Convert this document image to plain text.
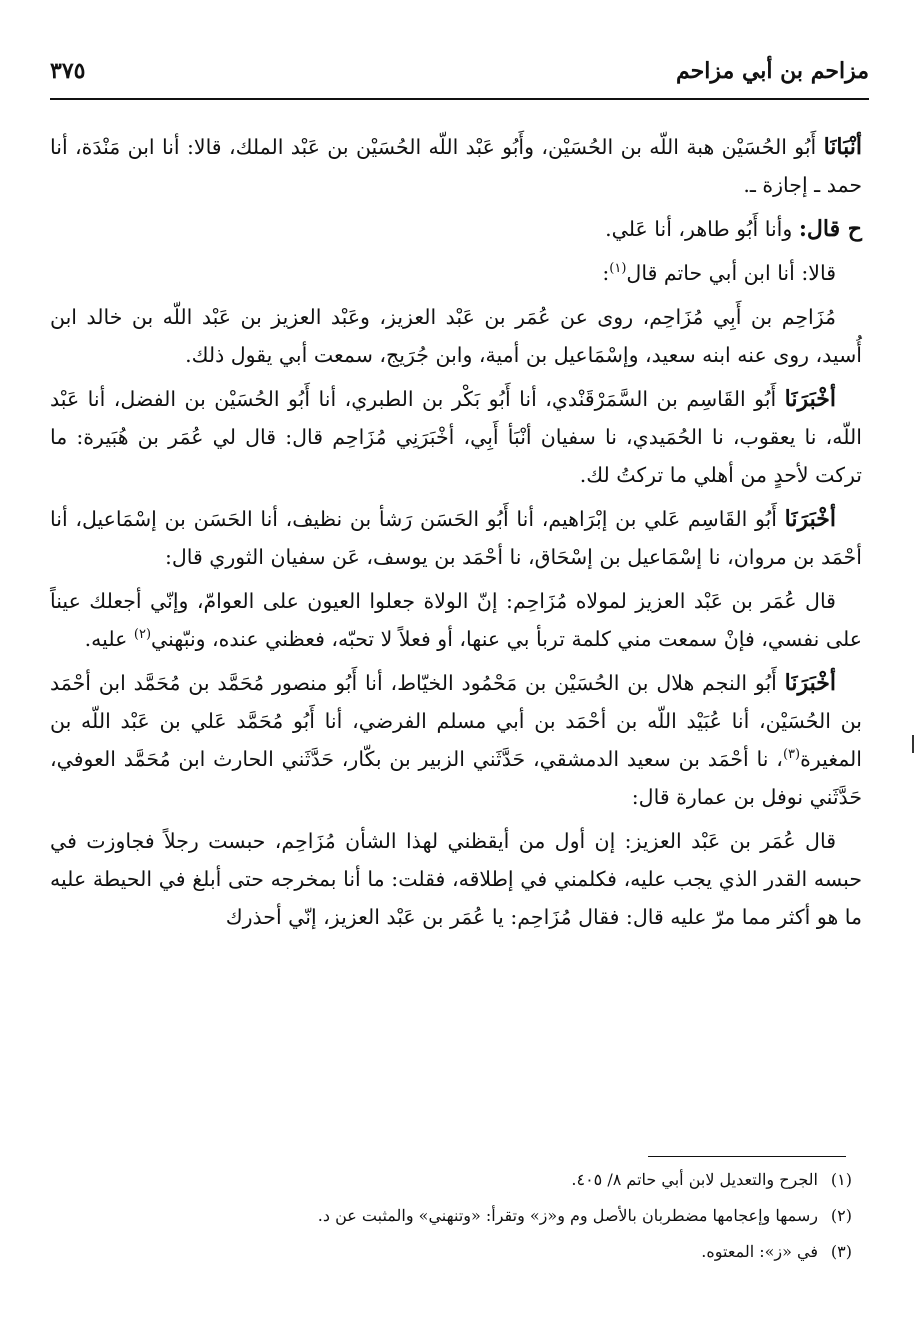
مزاحم بن أبي مزاحم
٣٧٥

أنْبَانَا أَبُو الحُسَيْن هبة اللّه بن الحُسَيْن، وأَبُو عَبْد اللّه الحُسَيْن بن عَبْد الملك، قالا: أنا ابن مَنْدَة، أنا حمد ـ إجازة ـ.

ح قال: وأنا أَبُو طاهر، أنا عَلي.

قالا: أنا ابن أبي حاتم قال$^{(١)}$:

مُزَاحِم بن أَبِي مُزَاحِم، روى عن عُمَر بن عَبْد العزيز، وعَبْد العزيز بن عَبْد اللّه بن خالد ابن أُسيد، روى عنه ابنه سعيد، وإسْمَاعيل بن أمية، وابن جُرَيج، سمعت أبي يقول ذلك.

أخْبَرَنَا أَبُو القَاسِم بن السَّمَرْقَنْدي، أنا أَبُو بَكْر بن الطبري، أنا أَبُو الحُسَيْن بن الفضل، أنا عَبْد اللّه، نا يعقوب، نا الحُمَيدي، نا سفيان أنْبَأ أَبِي، أخْبَرَنِي مُزَاحِم قال: قال لي عُمَر بن هُبَيرة: ما تركت لأحدٍ من أهلي ما تركتُ لك.

أخْبَرَنَا أَبُو القَاسِم عَلي بن إبْرَاهيم، أنا أَبُو الحَسَن رَشأ بن نظيف، أنا الحَسَن بن إسْمَاعيل، أنا أحْمَد بن مروان، نا إسْمَاعيل بن إسْحَاق، نا أحْمَد بن يوسف، عَن سفيان الثوري قال:

قال عُمَر بن عَبْد العزيز لمولاه مُزَاحِم: إنّ الولاة جعلوا العيون على العوامّ، وإنّي أجعلك عيناً على نفسي، فإنْ سمعت مني كلمة تربأ بي عنها، أو فعلاً لا تحبّه، فعظني عنده، ونبّهني$^{(٢)}$ عليه.

أخْبَرَنَا أَبُو النجم هلال بن الحُسَيْن بن مَحْمُود الخيّاط، أنا أَبُو منصور مُحَمَّد بن مُحَمَّد ابن أحْمَد بن الحُسَيْن، أنا عُبَيْد اللّه بن أحْمَد بن أبي مسلم الفرضي، أنا أَبُو مُحَمَّد عَلي بن عَبْد اللّه بن المغيرة$^{(٣)}$، نا أحْمَد بن سعيد الدمشقي، حَدَّثَني الزبير بن بكّار، حَدَّثَني الحارث ابن مُحَمَّد العوفي، حَدَّثَني نوفل بن عمارة قال:

قال عُمَر بن عَبْد العزيز: إن أول من أيقظني لهذا الشأن مُزَاحِم، حبست رجلاً فجاوزت في حبسه القدر الذي يجب عليه، فكلمني في إطلاقه، فقلت: ما أنا بمخرجه حتى أبلغ في الحيطة عليه ما هو أكثر مما مرّ عليه قال: فقال مُزَاحِم: يا عُمَر بن عَبْد العزيز، إنّي أحذرك

(١)الجرح والتعديل لابن أبي حاتم ٨/ ٤٠٥.
(٢)رسمها وإعجامها مضطربان بالأصل وم و«ز» وتقرأ: «وتنهني» والمثبت عن د.
(٣)في «ز»: المعتوه.
